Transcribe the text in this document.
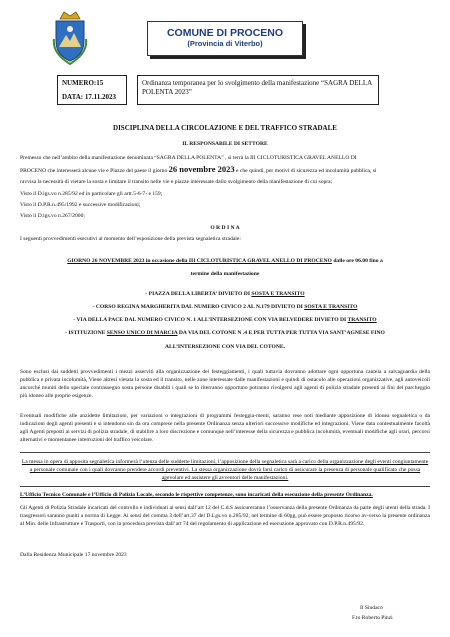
COMUNE DI PROCENO
(Provincia di Viterbo)
NUMERO:15
DATA: 17.11.2023
Ordinanza temporanea per lo svolgimento della manifestazione “SAGRA DELLA POLENTA 2023”
DISCIPLINA DELLA CIRCOLAZIONE E DEL TRAFFICO STRADALE
IL RESPONSABILE DI SETTORE
Premesso che nell’ambito della manifestazione denominata “SAGRA DELLA POLENTA” , si terrà la III CICLOTURISTICA GRAVEL ANELLO DI
PROCENO che interesserà alcune vie e Piazze del paese il giorno 26 novembre 2023 e che quindi, per motivi di sicurezza ed incolumità pubblica, si
ravvisa la necessità di vietare la sosta e limitare il transito nelle vie e piazze interessate dallo svolgimento della manifestazione di cui sopra;
Visto il D.lgs.vo n.285/92 ed in particolare gli artt.5-6-7- e 159;
Visto il D.P.R.n.495/1992 e successive modificazioni;
Visto il D.lgs.vo n.267/2000;
O R D I N A
I seguenti provvedimenti esecutivi al momento dell’esposizione della prevista segnaletica stradale:
GIORNO 26 NOVEMBRE 2023 in occasione della III CICLOTURISTICA GRAVEL ANELLO DI PROCENO dalle ore 06.00 fino a
termine della manifestazione
- PIAZZA DELLA LIBERTA’ DIVIETO DI SOSTA E TRANSITO
- CORSO REGINA MARGHERITA DAL NUMERO CIVICO 2 AL N.179 DIVIETO DI SOSTA E TRANSITO
- VIA DELLA PACE DAL NUMERO CIVICO N. 1 ALL’INTERSEZIONE CON VIA BELVEDERE DIVIETO DI TRANSITO
- ISTITUZIONE SENSO UNICO DI MARCIA DA VIA DEL COTONE N .4 E PER TUTTA PER TUTTA VIA SANT’AGNESE FINO
ALL’INTERSEZIONE CON VIA DEL COTONE.
Sono esclusi dai suddetti provvedimenti i mezzi asserviti alla organizzazione dei festeggiamenti, i quali tuttavia dovranno adottare ogni opportuna cautela a salvaguardia della pubblica e privata incolumità, Viene altresì vietata la sosta ed il transito, nelle zone interessate dalle manifestazioni e quindi di ostacolo alle operazioni organizzative, agli autoveicoli ancorché muniti dello speciale contrassegno sosta persone disabili i quali se lo riterranno opportuno potranno rivolgersi agli agenti di polizia stradale presenti ai fini del parcheggio più idoneo alle proprie esigenze.
Eventuali modifiche alle anzidette limitazioni, per variazioni o integrazioni di programmi festeggia-menti, saranno rese noti mediante apposizione di idonea segnaletica o da indicazioni degli agenti presenti e si intendono sin da ora comprese nella presente Ordinanza senza ulteriori successive modifiche ed integrazioni. Viene data contestualmente facoltà agli Agenti preposti ai servizi di polizia stradale, di stabilire a loro discrezione e comunque nell’interesse della sicurezza e pubblica incolumità, eventuali modifiche agli orari, percorsi alternativi e momentanee interruzioni del traffico veicolare.
La messa in opera di apposita segnaletica informerà l’utenza delle suddette limitazioni, l’apposizione della segnaletica sarà a carico della organizzazione degli eventi congiuntamente a personale comunale con i quali dovranno prendere accordi preventivi. La stessa organizzazione dovrà farsi carico di assicurare la presenza di personale qualificato che possa agevolare ed assistere gli avventori delle manifestazioni.
L’Ufficio Tecnico Comunale e l’Ufficio di Polizia Locale, secondo le rispettive competenze, sono incaricati della esecuzione della presente Ordinanza.
Gli Agenti di Polizia Stradale incaricati del controllo e individuati ai sensi dall’art 12 del C.d.S assicureranno l’osservanza della presente Ordinanza da parte degli utenti della strada. I trasgressori saranno puniti a norma di Legge. Ai sensi del comma 3 dell’art.37 del D.Lgs.vo n.285/92, nel termine di 60gg, può essere proposto ricorso av-verso la presente ordinanza al Min. delle Infrastrutture e Trasporti, con la procedura prevista dall’art 74 del regolamento di applicazione ed esecuzione approvato con D.P.R.n.495/92.
Dalla Residenza Municipale 17 novembre 2023
Il Sindaco
F.to Roberto Pinzi
